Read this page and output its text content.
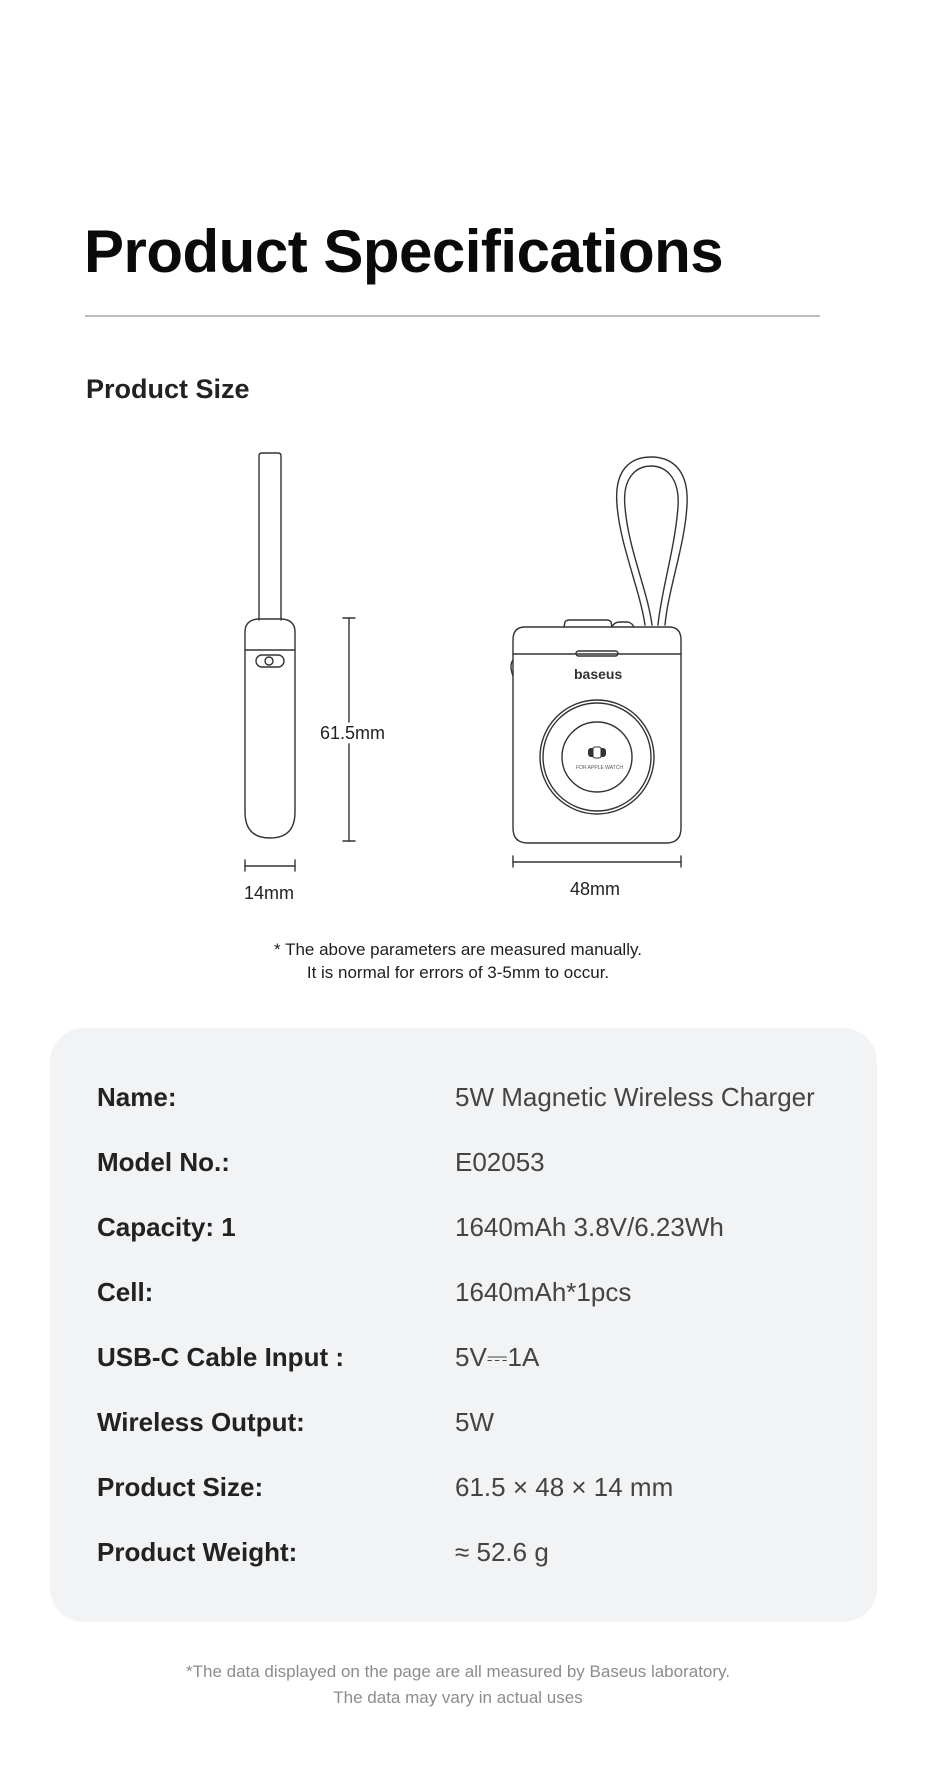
Product Specifications
Product Size
61.5mm
14mm	48mm
baseus
FOR APPLE WATCH
* The above parameters are measured manually.
It is normal for errors of 3-5mm to occur.
Name:	5W Magnetic Wireless Charger
Model No.:	E02053
Capacity: 1	1640mAh 3.8V/6.23Wh
Cell:	1640mAh*1pcs
USB-C Cable Input :	5V⎓1A
Wireless Output:	5W
Product Size:	61.5 × 48 × 14 mm
Product Weight:	≈ 52.6 g
*The data displayed on the page are all measured by Baseus laboratory.
The data may vary in actual uses
